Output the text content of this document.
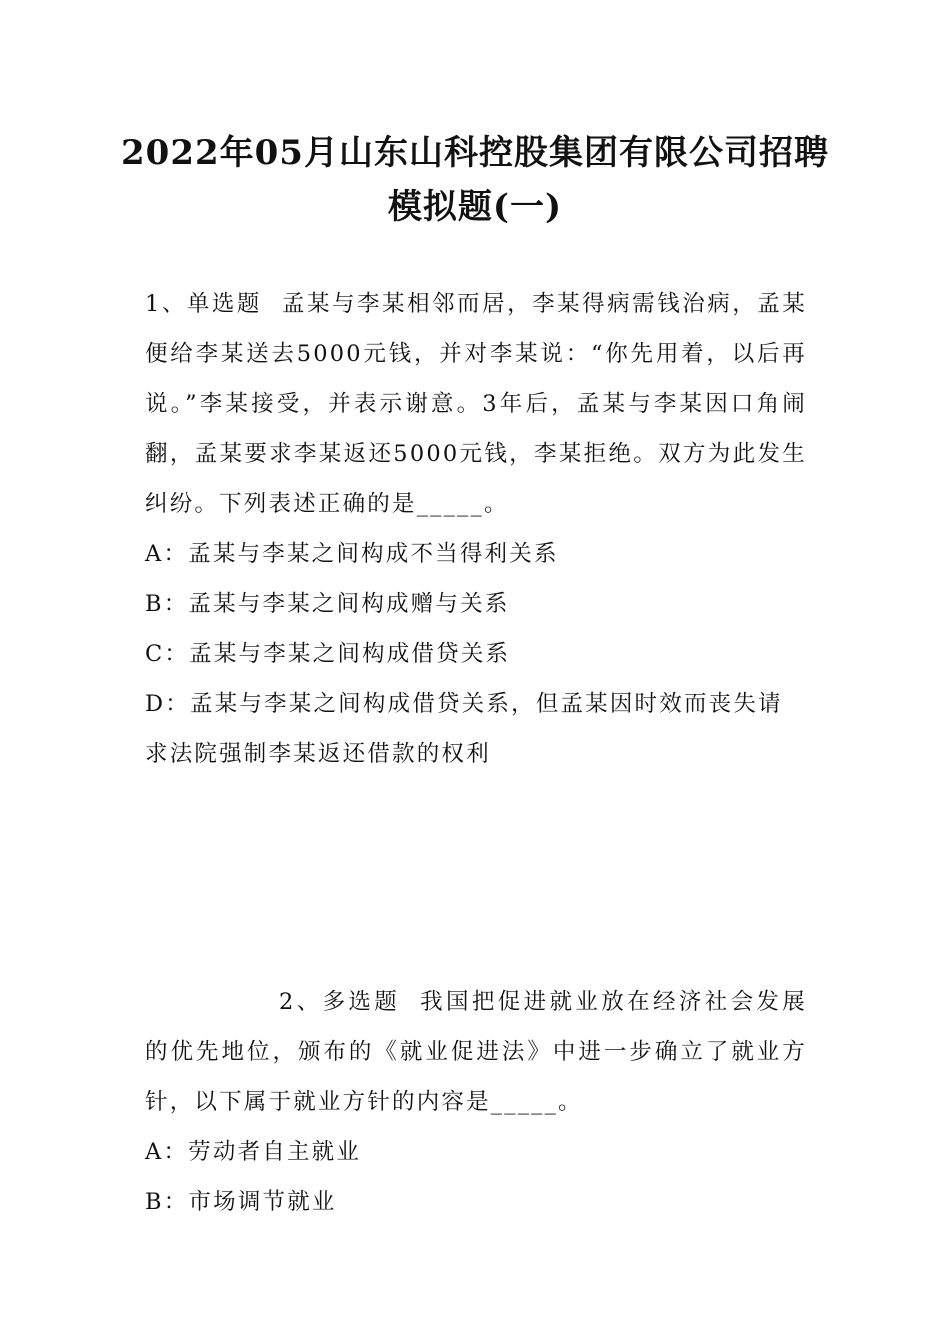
2022年05月山东山科控股集团有限公司招聘模拟题(一)

1、单选题 孟某与李某相邻而居，李某得病需钱治病，孟某便给李某送去5000元钱，并对李某说：“你先用着，以后再说。”李某接受，并表示谢意。3年后，孟某与李某因口角闹翻，孟某要求李某返还5000元钱，李某拒绝。双方为此发生纠纷。下列表述正确的是_____。

A：孟某与李某之间构成不当得利关系

B：孟某与李某之间构成赠与关系

C：孟某与李某之间构成借贷关系

D：孟某与李某之间构成借贷关系，但孟某因时效而丧失请求法院强制李某返还借款的权利

2、多选题 我国把促进就业放在经济社会发展的优先地位，颁布的《就业促进法》中进一步确立了就业方针，以下属于就业方针的内容是_____。

A：劳动者自主就业

B：市场调节就业
